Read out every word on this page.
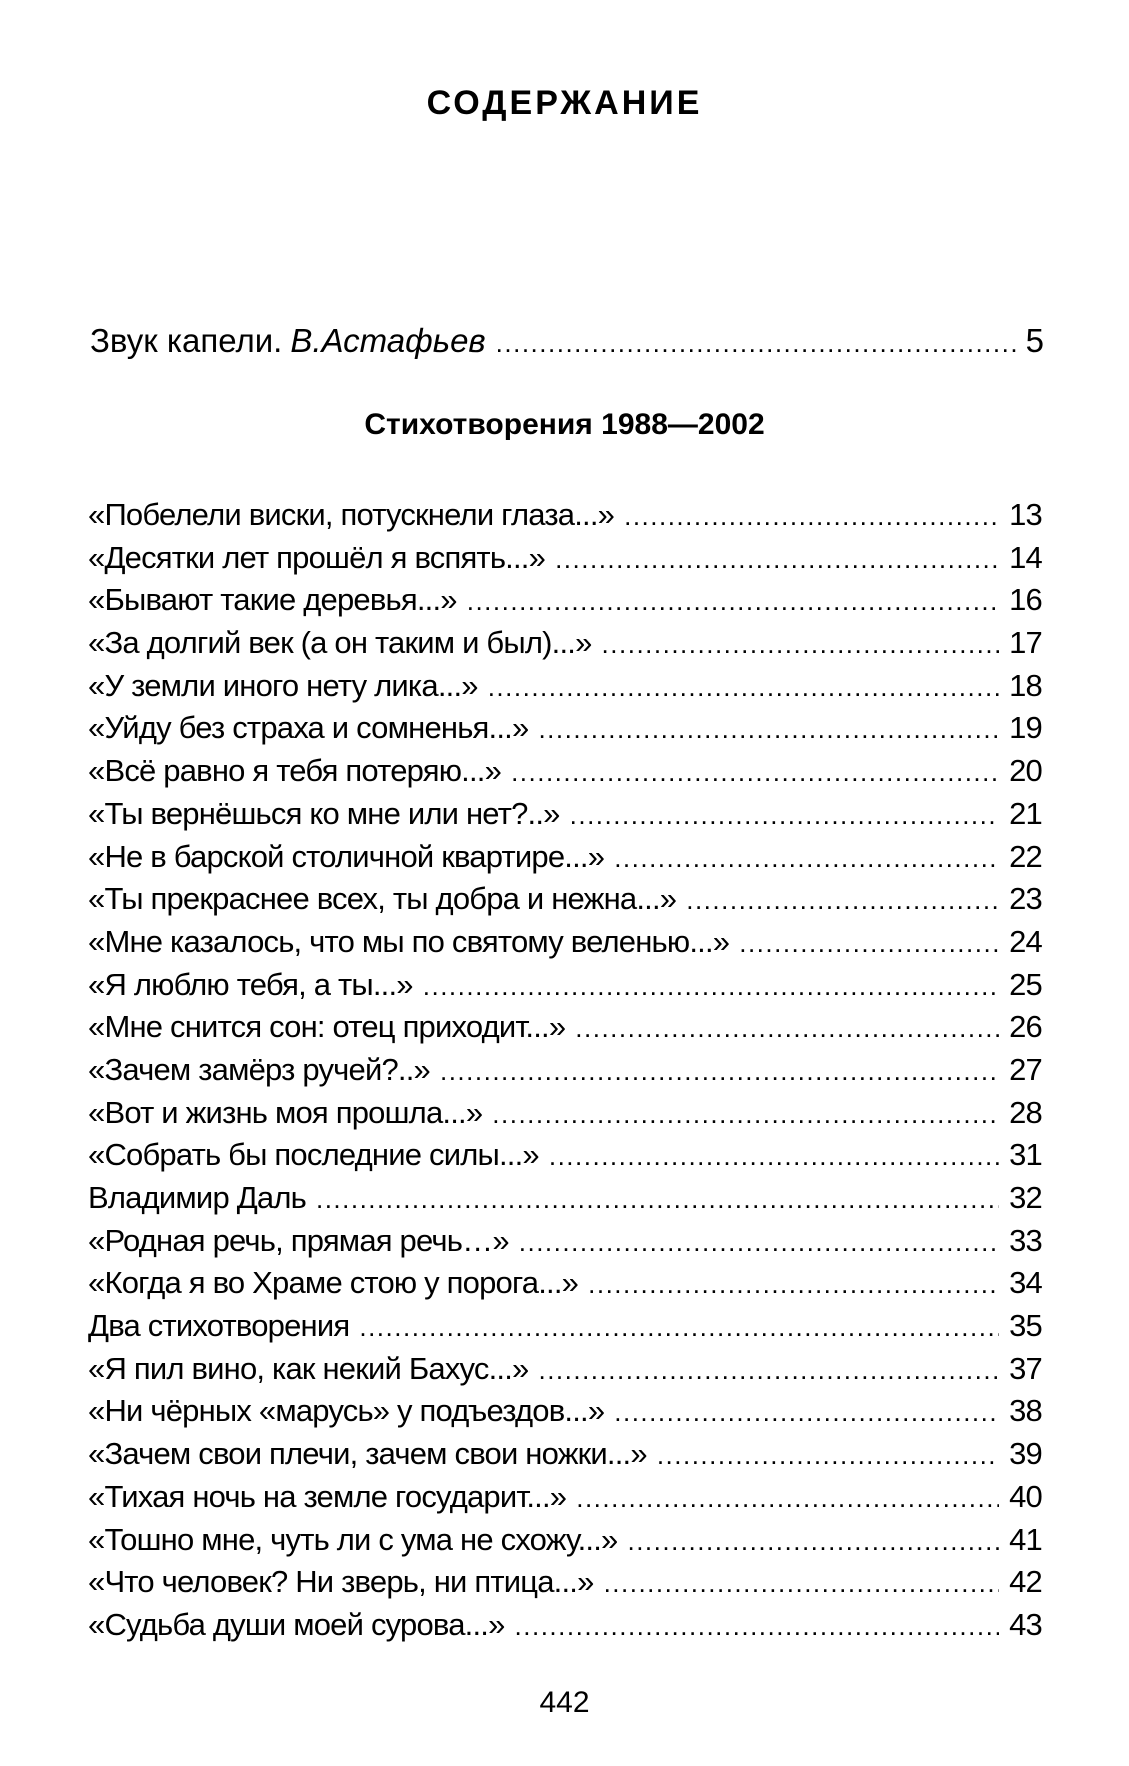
СОДЕРЖАНИЕ
Звук капели. В.Астафьев .....	5
Стихотворения 1988—2002
«Побелели виски, потускнели глаза...» .....	13
«Десятки лет прошёл я вспять...» .....	14
«Бывают такие деревья...» .....	16
«За долгий век (а он таким и был)...» .....	17
«У земли иного нету лика...» .....	18
«Уйду без страха и сомненья...» .....	19
«Всё равно я тебя потеряю...» .....	20
«Ты вернёшься ко мне или нет?..» .....	21
«Не в барской столичной квартире...» .....	22
«Ты прекраснее всех, ты добра и нежна...» .....	23
«Мне казалось, что мы по святому веленью...» .....	24
«Я люблю тебя, а ты...» .....	25
«Мне снится сон: отец приходит...» .....	26
«Зачем замёрз ручей?..» .....	27
«Вот и жизнь моя прошла...» .....	28
«Собрать бы последние силы...» .....	31
Владимир Даль .....	32
«Родная речь, прямая речь…» .....	33
«Когда я во Храме стою у порога...» .....	34
Два стихотворения .....	35
«Я пил вино, как некий Бахус...» .....	37
«Ни чёрных «марусь» у подъездов...» .....	38
«Зачем свои плечи, зачем свои ножки...» .....	39
«Тихая ночь на земле государит...» .....	40
«Тошно мне, чуть ли с ума не схожу...» .....	41
«Что человек? Ни зверь, ни птица...» .....	42
«Судьба души моей сурова...» .....	43
442
